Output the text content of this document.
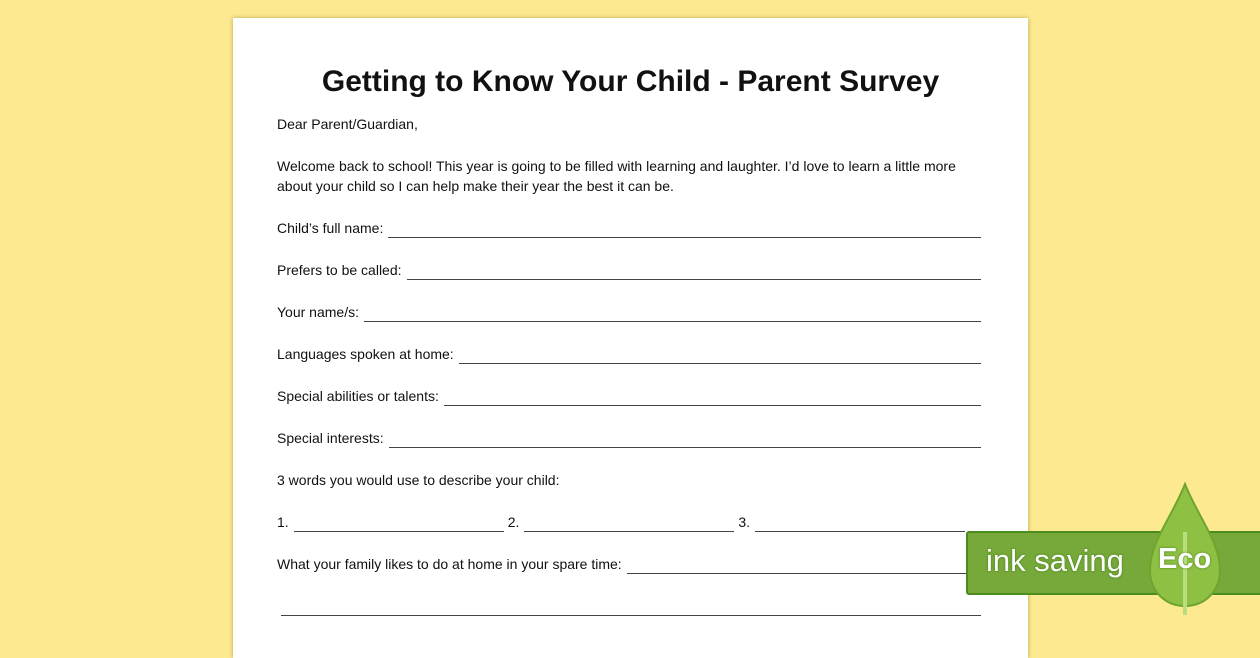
Getting to Know Your Child - Parent Survey
Dear Parent/Guardian,
Welcome back to school! This year is going to be filled with learning and laughter. I’d love to learn a little more about your child so I can help make their year the best it can be.
Child’s full name:
Prefers to be called:
Your name/s:
Languages spoken at home:
Special abilities or talents:
Special interests:
3 words you would use to describe your child:
1.	2.	3.
What your family likes to do at home in your spare time:	ink saving Eco
